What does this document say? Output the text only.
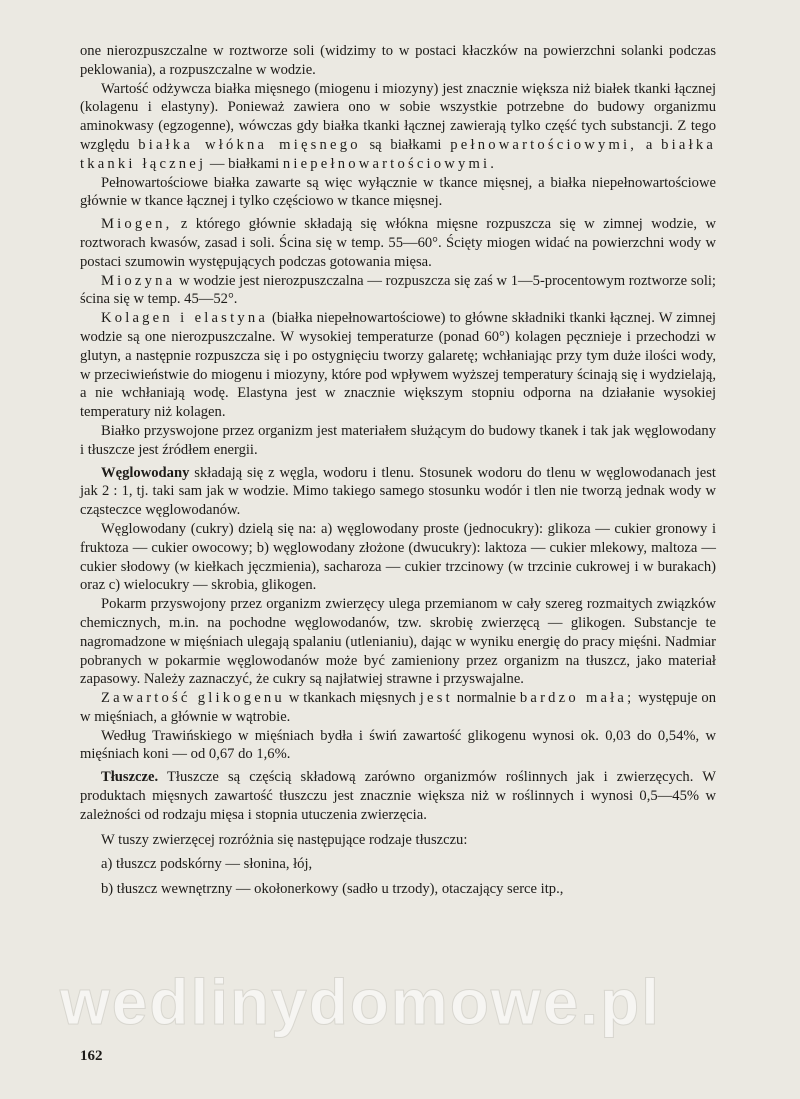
one nierozpuszczalne w roztworze soli (widzimy to w postaci kłaczków na powierzchni solanki podczas peklowania), a rozpuszczalne w wodzie.

Wartość odżywcza białka mięsnego (miogenu i miozyny) jest znacznie większa niż białek tkanki łącznej (kolagenu i elastyny). Ponieważ zawiera ono w sobie wszystkie potrzebne do budowy organizmu aminokwasy (egzogenne), wówczas gdy białka tkanki łącznej zawierają tylko część tych substancji. Z tego względu białka włókna mięsnego są białkami pełnowartościowymi, a białka tkanki łącznej — białkami niepełnowartościowymi.

Pełnowartościowe białka zawarte są więc wyłącznie w tkance mięsnej, a białka niepełnowartościowe głównie w tkance łącznej i tylko częściowo w tkance mięsnej.

Miogen, z którego głównie składają się włókna mięsne rozpuszcza się w zimnej wodzie, w roztworach kwasów, zasad i soli. Ścina się w temp. 55—60°. Ścięty miogen widać na powierzchni wody w postaci szumowin występujących podczas gotowania mięsa.

Miozyna w wodzie jest nierozpuszczalna — rozpuszcza się zaś w 1—5-procentowym roztworze soli; ścina się w temp. 45—52°.

Kolagen i elastyna (białka niepełnowartościowe) to główne składniki tkanki łącznej. W zimnej wodzie są one nierozpuszczalne. W wysokiej temperaturze (ponad 60°) kolagen pęcznieje i przechodzi w glutyn, a następnie rozpuszcza się i po ostygnięciu tworzy galaretę; wchłaniając przy tym duże ilości wody, w przeciwieństwie do miogenu i miozyny, które pod wpływem wyższej temperatury ścinają się i wydzielają, a nie wchłaniają wodę. Elastyna jest w znacznie większym stopniu odporna na działanie wysokiej temperatury niż kolagen.

Białko przyswojone przez organizm jest materiałem służącym do budowy tkanek i tak jak węglowodany i tłuszcze jest źródłem energii.

Węglowodany składają się z węgla, wodoru i tlenu. Stosunek wodoru do tlenu w węglowodanach jest jak 2 : 1, tj. taki sam jak w wodzie. Mimo takiego samego stosunku wodór i tlen nie tworzą jednak wody w cząsteczce węglowodanów.

Węglowodany (cukry) dzielą się na: a) węglowodany proste (jednocukry): glikoza — cukier gronowy i fruktoza — cukier owocowy; b) węglowodany złożone (dwucukry): laktoza — cukier mlekowy, maltoza — cukier słodowy (w kiełkach jęczmienia), sacharoza — cukier trzcinowy (w trzcinie cukrowej i w burakach) oraz c) wielocukry — skrobia, glikogen.

Pokarm przyswojony przez organizm zwierzęcy ulega przemianom w cały szereg rozmaitych związków chemicznych, m.in. na pochodne węglowodanów, tzw. skrobię zwierzęcą — glikogen. Substancje te nagromadzone w mięśniach ulegają spalaniu (utlenianiu), dając w wyniku energię do pracy mięśni. Nadmiar pobranych w pokarmie węglowodanów może być zamieniony przez organizm na tłuszcz, jako materiał zapasowy. Należy zaznaczyć, że cukry są najłatwiej strawne i przyswajalne.

Zawartość glikogenu w tkankach mięsnych jest normalnie bardzo mała; występuje on w mięśniach, a głównie w wątrobie.

Według Trawińskiego w mięśniach bydła i świń zawartość glikogenu wynosi ok. 0,03 do 0,54%, w mięśniach koni — od 0,67 do 1,6%.

Tłuszcze. Tłuszcze są częścią składową zarówno organizmów roślinnych jak i zwierzęcych. W produktach mięsnych zawartość tłuszczu jest znacznie większa niż w roślinnych i wynosi 0,5—45% w zależności od rodzaju mięsa i stopnia utuczenia zwierzęcia.

W tuszy zwierzęcej rozróżnia się następujące rodzaje tłuszczu:

a) tłuszcz podskórny — słonina, łój,

b) tłuszcz wewnętrzny — okołonerkowy (sadło u trzody), otaczający serce itp.,

wedlinydomowe.pl
162
